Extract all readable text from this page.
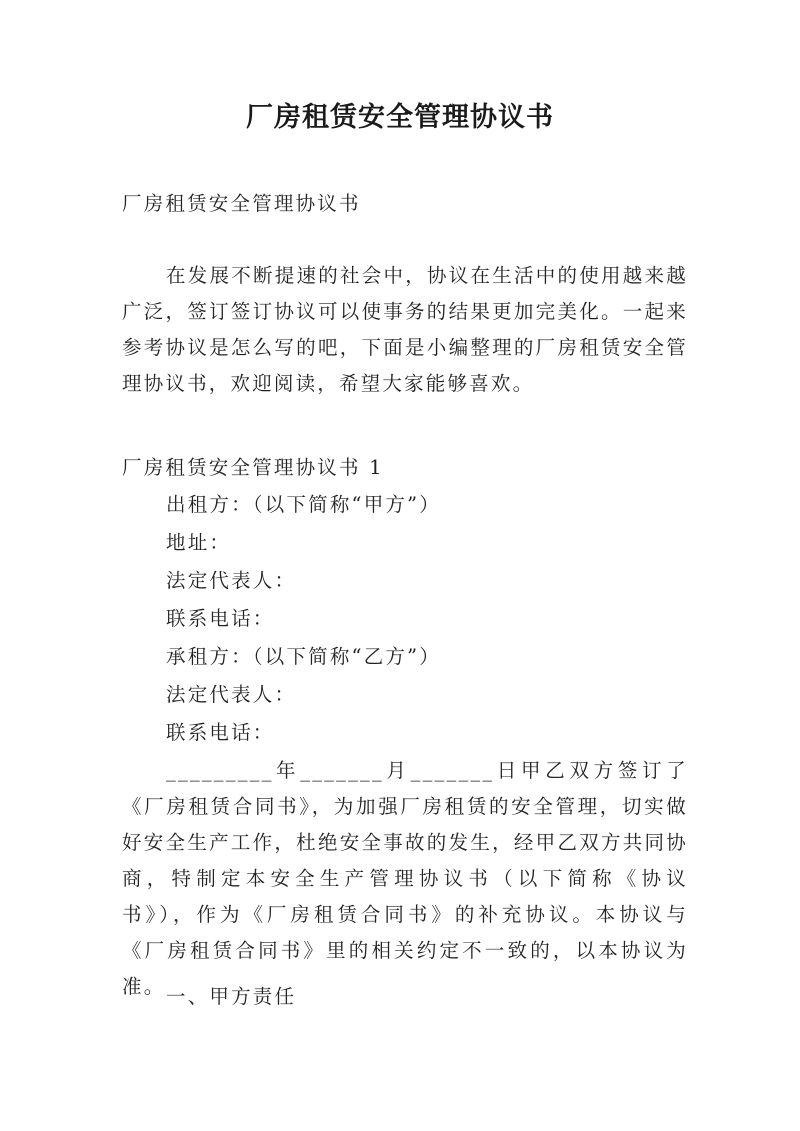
厂房租赁安全管理协议书
厂房租赁安全管理协议书
在发展不断提速的社会中，协议在生活中的使用越来越广泛，签订签订协议可以使事务的结果更加完美化。一起来参考协议是怎么写的吧，下面是小编整理的厂房租赁安全管理协议书，欢迎阅读，希望大家能够喜欢。
厂房租赁安全管理协议书 1
出租方：（以下简称“甲方”）
地址：
法定代表人：
联系电话：
承租方：（以下简称“乙方”）
法定代表人：
联系电话：
_________年_______月_______日甲乙双方签订了《厂房租赁合同书》，为加强厂房租赁的安全管理，切实做好安全生产工作，杜绝安全事故的发生，经甲乙双方共同协商，特制定本安全生产管理协议书（以下简称《协议书》），作为《厂房租赁合同书》的补充协议。本协议与《厂房租赁合同书》里的相关约定不一致的，以本协议为准。 一、甲方责任
